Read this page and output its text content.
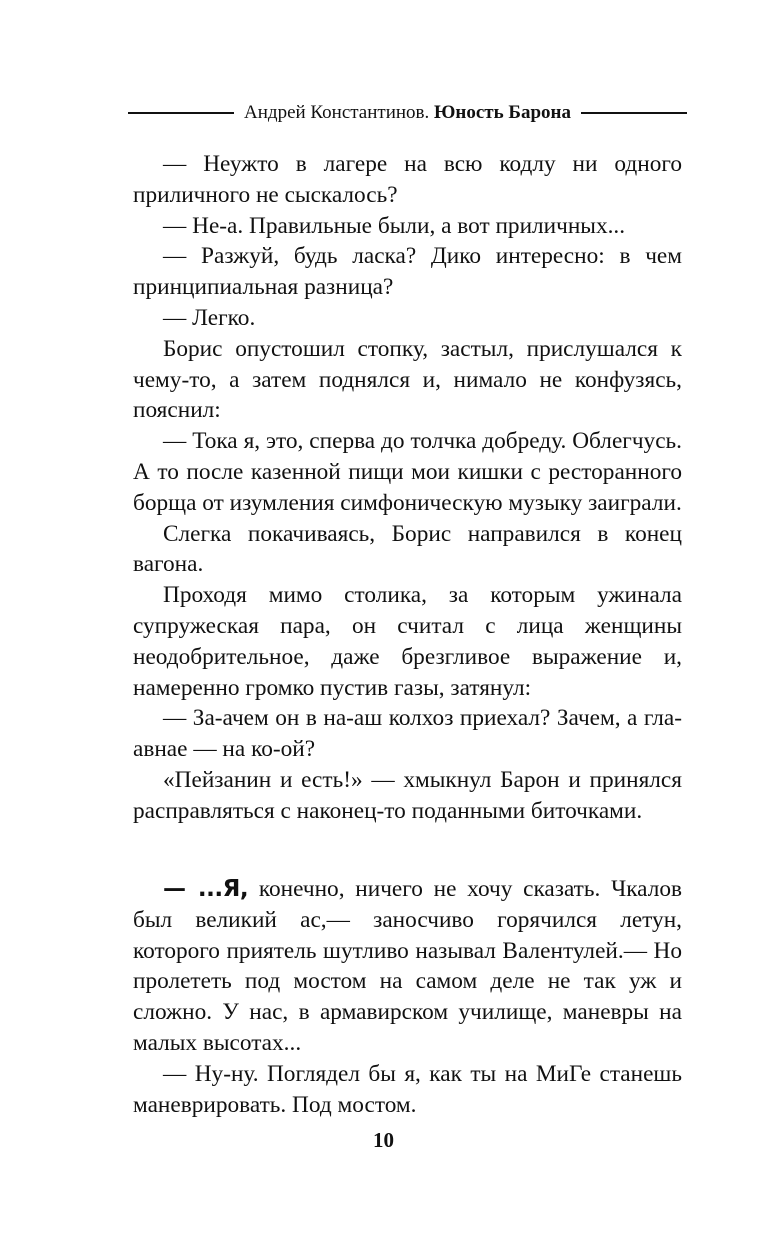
Андрей Константинов. Юность Барона

— Неужто в лагере на всю кодлу ни одного приличного не сыскалось?

— Не-а. Правильные были, а вот приличных...

— Разжуй, будь ласка? Дико интересно: в чем принципиальная разница?

— Легко.

Борис опустошил стопку, застыл, прислушался к чему-то, а затем поднялся и, нимало не конфузясь, пояснил:

— Тока я, это, сперва до толчка добреду. Облегчусь. А то после казенной пищи мои кишки с ресторанного борща от изумления симфоническую музыку заиграли.

Слегка покачиваясь, Борис направился в конец вагона.

Проходя мимо столика, за которым ужинала супружеская пара, он считал с лица женщины неодобрительное, даже брезгливое выражение и, намеренно громко пустив газы, затянул:

— За-ачем он в на-аш колхоз приехал? Зачем, а гла-авнае — на ко-ой?

«Пейзанин и есть!» — хмыкнул Барон и принялся расправляться с наконец-то поданными биточками.

— ...Я, конечно, ничего не хочу сказать. Чкалов был великий ас,— заносчиво горячился летун, которого приятель шутливо называл Валентулей.— Но пролететь под мостом на самом деле не так уж и сложно. У нас, в армавирском училище, маневры на малых высотах...

— Ну-ну. Поглядел бы я, как ты на МиГе станешь маневрировать. Под мостом.

10
